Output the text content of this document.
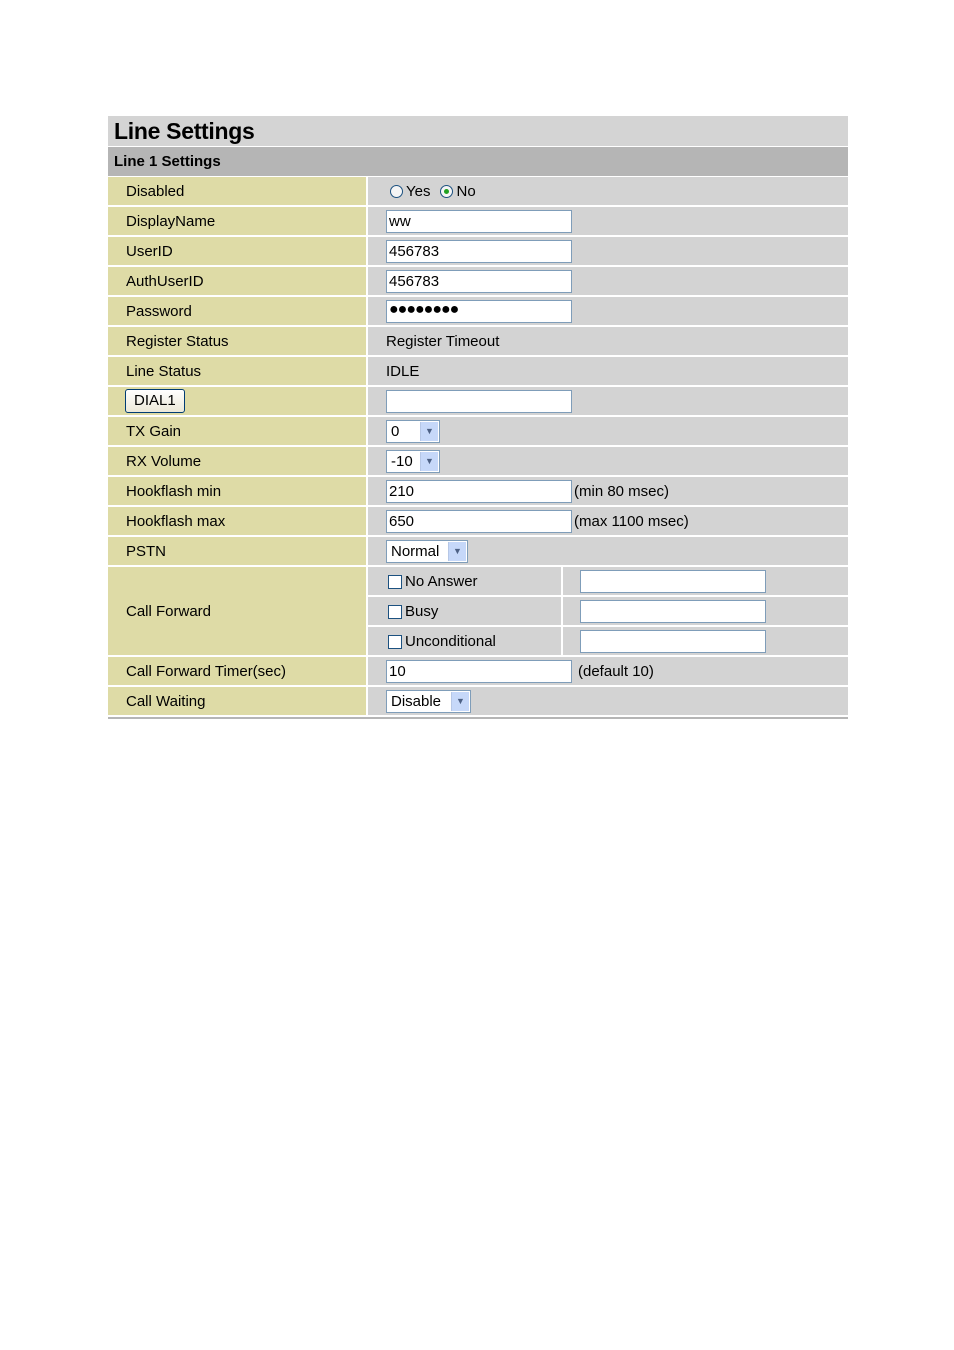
Line Settings
Line 1 Settings
Disabled	Yes No	
DisplayName	ww	
UserID	456783	
AuthUserID	456783	
Password	●●●●●●●●	
Register Status	Register Timeout	
Line Status	IDLE	
DIAL1		
TX Gain	0 ▼	

RX Volume	-10 ▼	

Hookflash min	210 (min 80 msec)	
Hookflash max	650 (max 1100 msec)	
PSTN	Normal ▼	

Call Forward	No Answer	
	Busy	
	Unconditional	
Call Forward Timer(sec)	10 (default 10)	
Call Waiting	Disable ▼	
